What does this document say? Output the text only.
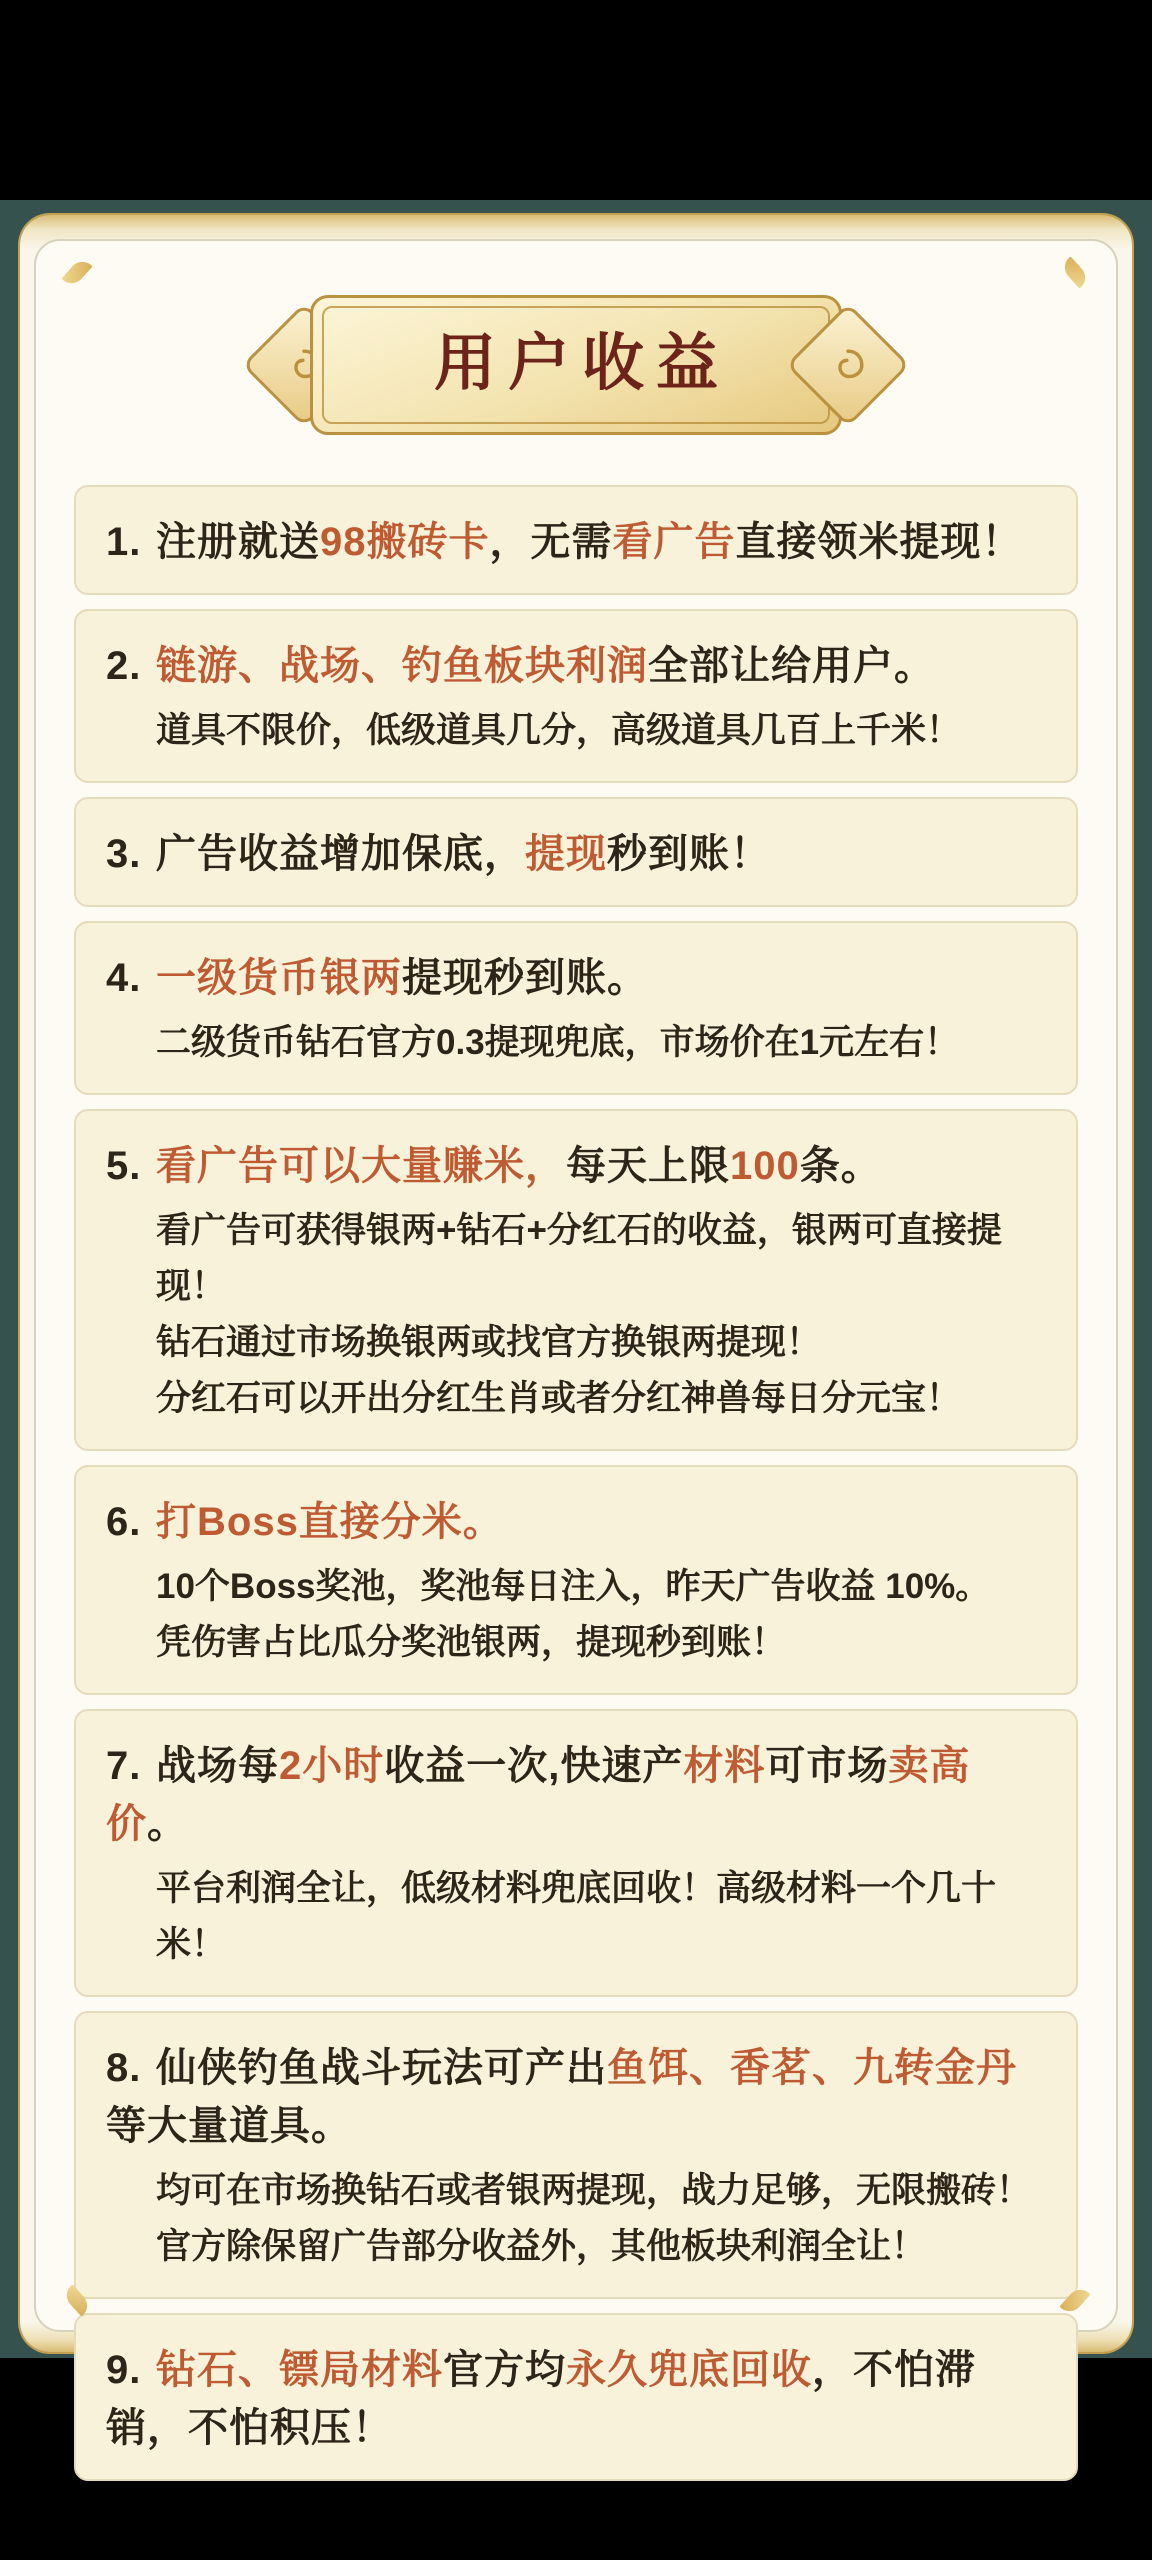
用户收益

1. 注册就送98搬砖卡，无需看广告直接领米提现！

2. 链游、战场、钓鱼板块利润全部让给用户。

道具不限价，低级道具几分，高级道具几百上千米！

3. 广告收益增加保底，提现秒到账！

4. 一级货币银两提现秒到账。

二级货币钻石官方0.3提现兜底，市场价在1元左右！

5. 看广告可以大量赚米，每天上限100条。

看广告可获得银两+钻石+分红石的收益，银两可直接提现！

钻石通过市场换银两或找官方换银两提现！

分红石可以开出分红生肖或者分红神兽每日分元宝！

6. 打Boss直接分米。

10个Boss奖池，奖池每日注入，昨天广告收益 10%。

凭伤害占比瓜分奖池银两，提现秒到账！

7. 战场每2小时收益一次,快速产材料可市场卖高价。

平台利润全让，低级材料兜底回收！高级材料一个几十米！

8. 仙侠钓鱼战斗玩法可产出鱼饵、香茗、九转金丹等大量道具。

均可在市场换钻石或者银两提现，战力足够，无限搬砖！

官方除保留广告部分收益外，其他板块利润全让！

9. 钻石、镖局材料官方均永久兜底回收，不怕滞销，不怕积压！
